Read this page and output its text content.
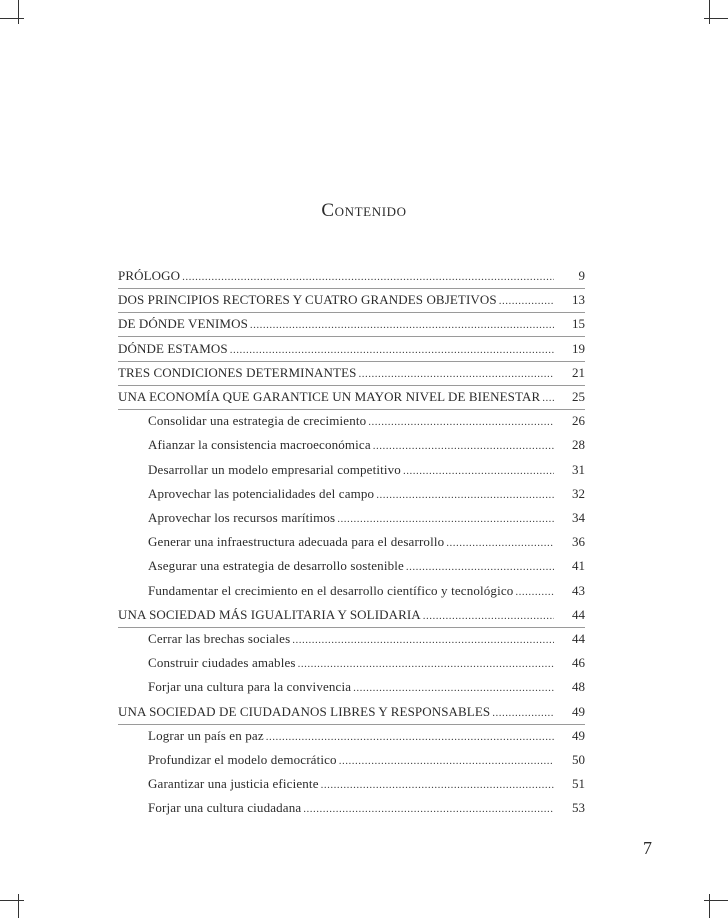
Contenido
PRÓLOGO .....	9
DOS PRINCIPIOS RECTORES Y CUATRO GRANDES OBJETIVOS .....	13
DE DÓNDE VENIMOS .....	15
DÓNDE ESTAMOS .....	19
TRES CONDICIONES DETERMINANTES .....	21
UNA ECONOMÍA QUE GARANTICE UN MAYOR NIVEL DE BIENESTAR .....	25
Consolidar una estrategia de crecimiento .....	26
Afianzar la consistencia macroeconómica .....	28
Desarrollar un modelo empresarial competitivo .....	31
Aprovechar las potencialidades del campo .....	32
Aprovechar los recursos marítimos .....	34
Generar una infraestructura adecuada para el desarrollo .....	36
Asegurar una estrategia de desarrollo sostenible .....	41
Fundamentar el crecimiento en el desarrollo científico y tecnológico .....	43
UNA SOCIEDAD MÁS IGUALITARIA Y SOLIDARIA .....	44
Cerrar las brechas sociales .....	44
Construir ciudades amables .....	46
Forjar una cultura para la convivencia .....	48
UNA SOCIEDAD DE CIUDADANOS LIBRES Y RESPONSABLES .....	49
Lograr un país en paz .....	49
Profundizar el modelo democrático .....	50
Garantizar una justicia eficiente .....	51
Forjar una cultura ciudadana .....	53
7
